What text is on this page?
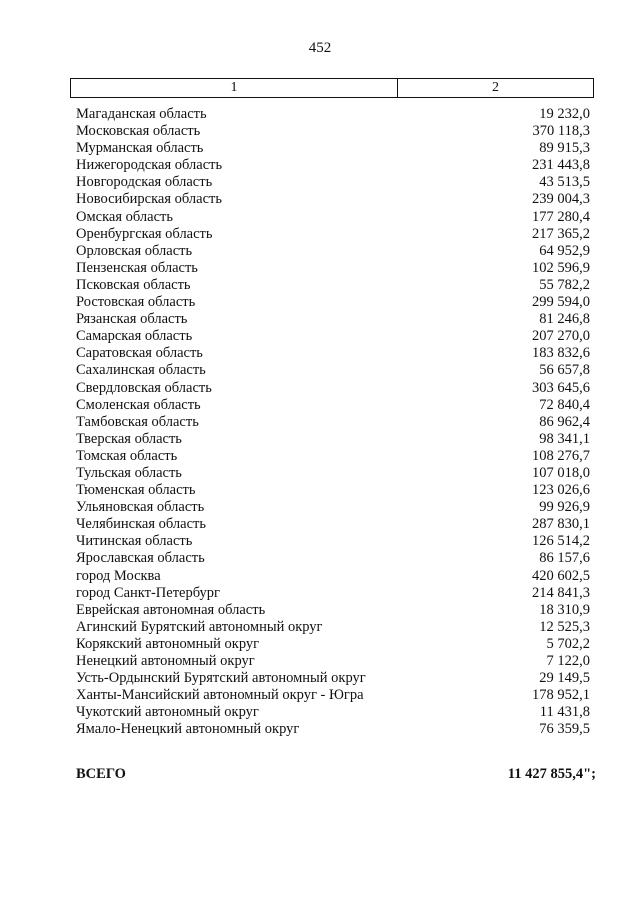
452
1	2
Магаданская область	19 232,0
Московская область	370 118,3
Мурманская область	89 915,3
Нижегородская область	231 443,8
Новгородская область	43 513,5
Новосибирская область	239 004,3
Омская область	177 280,4
Оренбургская область	217 365,2
Орловская область	64 952,9
Пензенская область	102 596,9
Псковская область	55 782,2
Ростовская область	299 594,0
Рязанская область	81 246,8
Самарская область	207 270,0
Саратовская область	183 832,6
Сахалинская область	56 657,8
Свердловская область	303 645,6
Смоленская область	72 840,4
Тамбовская область	86 962,4
Тверская область	98 341,1
Томская область	108 276,7
Тульская область	107 018,0
Тюменская область	123 026,6
Ульяновская область	99 926,9
Челябинская область	287 830,1
Читинская область	126 514,2
Ярославская область	86 157,6
город Москва	420 602,5
город Санкт-Петербург	214 841,3
Еврейская автономная область	18 310,9
Агинский Бурятский автономный округ	12 525,3
Корякский автономный округ	5 702,2
Ненецкий автономный округ	7 122,0
Усть-Ордынский Бурятский автономный округ	29 149,5
Ханты-Мансийский автономный округ - Югра	178 952,1
Чукотский автономный округ	11 431,8
Ямало-Ненецкий автономный округ	76 359,5
ВСЕГО	11 427 855,4";
